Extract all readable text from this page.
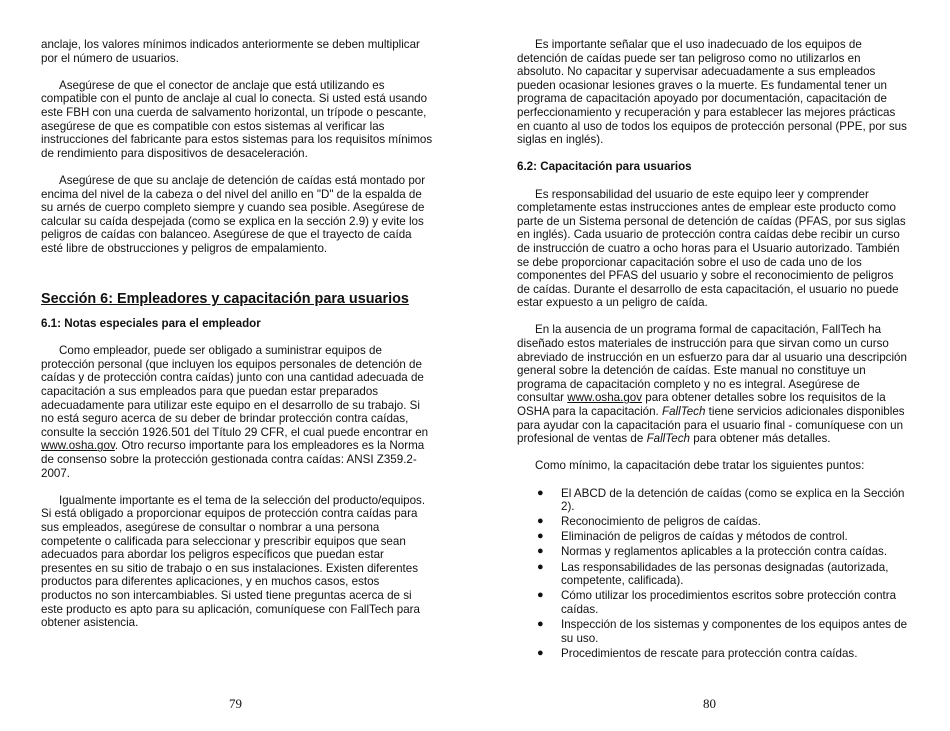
anclaje, los valores mínimos indicados anteriormente se deben multiplicar por el número de usuarios.

Asegúrese de que el conector de anclaje que está utilizando es compatible con el punto de anclaje al cual lo conecta. Si usted está usando este FBH con una cuerda de salvamento horizontal, un trípode o pescante, asegúrese de que es compatible con estos sistemas al verificar las instrucciones del fabricante para estos sistemas para los requisitos mínimos de rendimiento para dispositivos de desaceleración.

Asegúrese de que su anclaje de detención de caídas está montado por encima del nivel de la cabeza o del nivel del anillo en "D" de la espalda de su arnés de cuerpo completo siempre y cuando sea posible. Asegúrese de calcular su caída despejada (como se explica en la sección 2.9) y evite los peligros de caídas con balanceo. Asegúrese de que el trayecto de caída esté libre de obstrucciones y peligros de empalamiento.

Sección 6: Empleadores y capacitación para usuarios

6.1: Notas especiales para el empleador

Como empleador, puede ser obligado a suministrar equipos de protección personal (que incluyen los equipos personales de detención de caídas y de protección contra caídas) junto con una cantidad adecuada de capacitación a sus empleados para que puedan estar preparados adecuadamente para utilizar este equipo en el desarrollo de su trabajo. Si no está seguro acerca de su deber de brindar protección contra caídas, consulte la sección 1926.501 del Título 29 CFR, el cual puede encontrar en www.osha.gov. Otro recurso importante para los empleadores es la Norma de consenso sobre la protección gestionada contra caídas: ANSI Z359.2-2007.

Igualmente importante es el tema de la selección del producto/equipos. Si está obligado a proporcionar equipos de protección contra caídas para sus empleados, asegúrese de consultar o nombrar a una persona competente o calificada para seleccionar y prescribir equipos que sean adecuados para abordar los peligros específicos que puedan estar presentes en su sitio de trabajo o en sus instalaciones. Existen diferentes productos para diferentes aplicaciones, y en muchos casos, estos productos no son intercambiables. Si usted tiene preguntas acerca de si este producto es apto para su aplicación, comuníquese con FallTech para obtener asistencia.

Es importante señalar que el uso inadecuado de los equipos de detención de caídas puede ser tan peligroso como no utilizarlos en absoluto. No capacitar y supervisar adecuadamente a sus empleados pueden ocasionar lesiones graves o la muerte. Es fundamental tener un programa de capacitación apoyado por documentación, capacitación de perfeccionamiento y recuperación y para establecer las mejores prácticas en cuanto al uso de todos los equipos de protección personal (PPE, por sus siglas en inglés).

6.2: Capacitación para usuarios

Es responsabilidad del usuario de este equipo leer y comprender completamente estas instrucciones antes de emplear este producto como parte de un Sistema personal de detención de caídas (PFAS, por sus siglas en inglés). Cada usuario de protección contra caídas debe recibir un curso de instrucción de cuatro a ocho horas para el Usuario autorizado. También se debe proporcionar capacitación sobre el uso de cada uno de los componentes del PFAS del usuario y sobre el reconocimiento de peligros de caídas. Durante el desarrollo de esta capacitación, el usuario no puede estar expuesto a un peligro de caída.

En la ausencia de un programa formal de capacitación, FallTech ha diseñado estos materiales de instrucción para que sirvan como un curso abreviado de instrucción en un esfuerzo para dar al usuario una descripción general sobre la detención de caídas. Este manual no constituye un programa de capacitación completo y no es integral. Asegúrese de consultar www.osha.gov para obtener detalles sobre los requisitos de la OSHA para la capacitación. FallTech tiene servicios adicionales disponibles para ayudar con la capacitación para el usuario final - comuníquese con un profesional de ventas de FallTech para obtener más detalles.

Como mínimo, la capacitación debe tratar los siguientes puntos:

● El ABCD de la detención de caídas (como se explica en la Sección 2).
● Reconocimiento de peligros de caídas.
● Eliminación de peligros de caídas y métodos de control.
● Normas y reglamentos aplicables a la protección contra caídas.
● Las responsabilidades de las personas designadas (autorizada, competente, calificada).
● Cómo utilizar los procedimientos escritos sobre protección contra caídas.
● Inspección de los sistemas y componentes de los equipos antes de su uso.
● Procedimientos de rescate para protección contra caídas.
79	80
